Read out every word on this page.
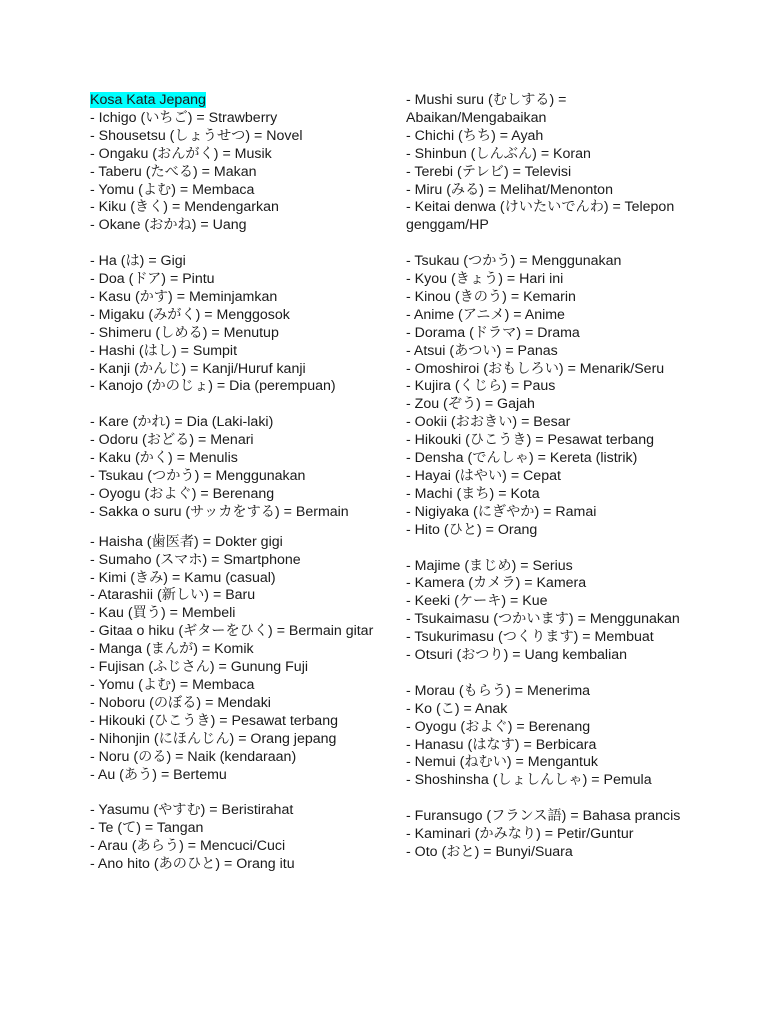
Kosa Kata Jepang
- Ichigo (いちご) = Strawberry
- Shousetsu (しょうせつ) = Novel
- Ongaku (おんがく) = Musik
- Taberu (たべる) = Makan
- Yomu (よむ) = Membaca
- Kiku (きく) = Mendengarkan
- Okane (おかね) = Uang
- Ha (は) = Gigi
- Doa (ドア) = Pintu
- Kasu (かす) = Meminjamkan
- Migaku (みがく) = Menggosok
- Shimeru (しめる) = Menutup
- Hashi (はし) = Sumpit
- Kanji (かんじ) = Kanji/Huruf kanji
- Kanojo (かのじょ) = Dia (perempuan)
- Kare (かれ) = Dia (Laki-laki)
- Odoru (おどる) = Menari
- Kaku (かく) = Menulis
- Tsukau (つかう) = Menggunakan
- Oyogu (およぐ) = Berenang
- Sakka o suru (サッカをする) = Bermain
- Haisha (歯医者) = Dokter gigi
- Sumaho (スマホ) = Smartphone
- Kimi (きみ) = Kamu (casual)
- Atarashii (新しい) = Baru
- Kau (買う) = Membeli
- Gitaa o hiku (ギターをひく) = Bermain gitar
- Manga (まんが) = Komik
- Fujisan (ふじさん) = Gunung Fuji
- Yomu (よむ) = Membaca
- Noboru (のぼる) = Mendaki
- Hikouki (ひこうき) = Pesawat terbang
- Nihonjin (にほんじん) = Orang jepang
- Noru (のる) = Naik (kendaraan)
- Au (あう) = Bertemu
- Yasumu (やすむ) = Beristirahat
- Te (て) = Tangan
- Arau (あらう) = Mencuci/Cuci
- Ano hito (あのひと) = Orang itu
- Mushi suru (むしする) = Abaikan/Mengabaikan
- Chichi (ちち) = Ayah
- Shinbun (しんぶん) = Koran
- Terebi (テレビ) = Televisi
- Miru (みる) = Melihat/Menonton
- Keitai denwa (けいたいでんわ) = Telepon genggam/HP
- Tsukau (つかう) = Menggunakan
- Kyou (きょう) = Hari ini
- Kinou (きのう) = Kemarin
- Anime (アニメ) = Anime
- Dorama (ドラマ) = Drama
- Atsui (あつい) = Panas
- Omoshiroi (おもしろい) = Menarik/Seru
- Kujira (くじら) = Paus
- Zou (ぞう) = Gajah
- Ookii (おおきい) = Besar
- Hikouki (ひこうき) = Pesawat terbang
- Densha (でんしゃ) = Kereta (listrik)
- Hayai (はやい) = Cepat
- Machi (まち) = Kota
- Nigiyaka (にぎやか) = Ramai
- Hito (ひと) = Orang
- Majime (まじめ) = Serius
- Kamera (カメラ) = Kamera
- Keeki (ケーキ) = Kue
- Tsukaimasu (つかいます) = Menggunakan
- Tsukurimasu (つくります) = Membuat
- Otsuri (おつり) = Uang kembalian
- Morau (もらう) = Menerima
- Ko (こ) = Anak
- Oyogu (およぐ) = Berenang
- Hanasu (はなす) = Berbicara
- Nemui (ねむい) = Mengantuk
- Shoshinsha (しょしんしゃ) = Pemula
- Furansugo (フランス語) = Bahasa prancis
- Kaminari (かみなり) = Petir/Guntur
- Oto (おと) = Bunyi/Suara
